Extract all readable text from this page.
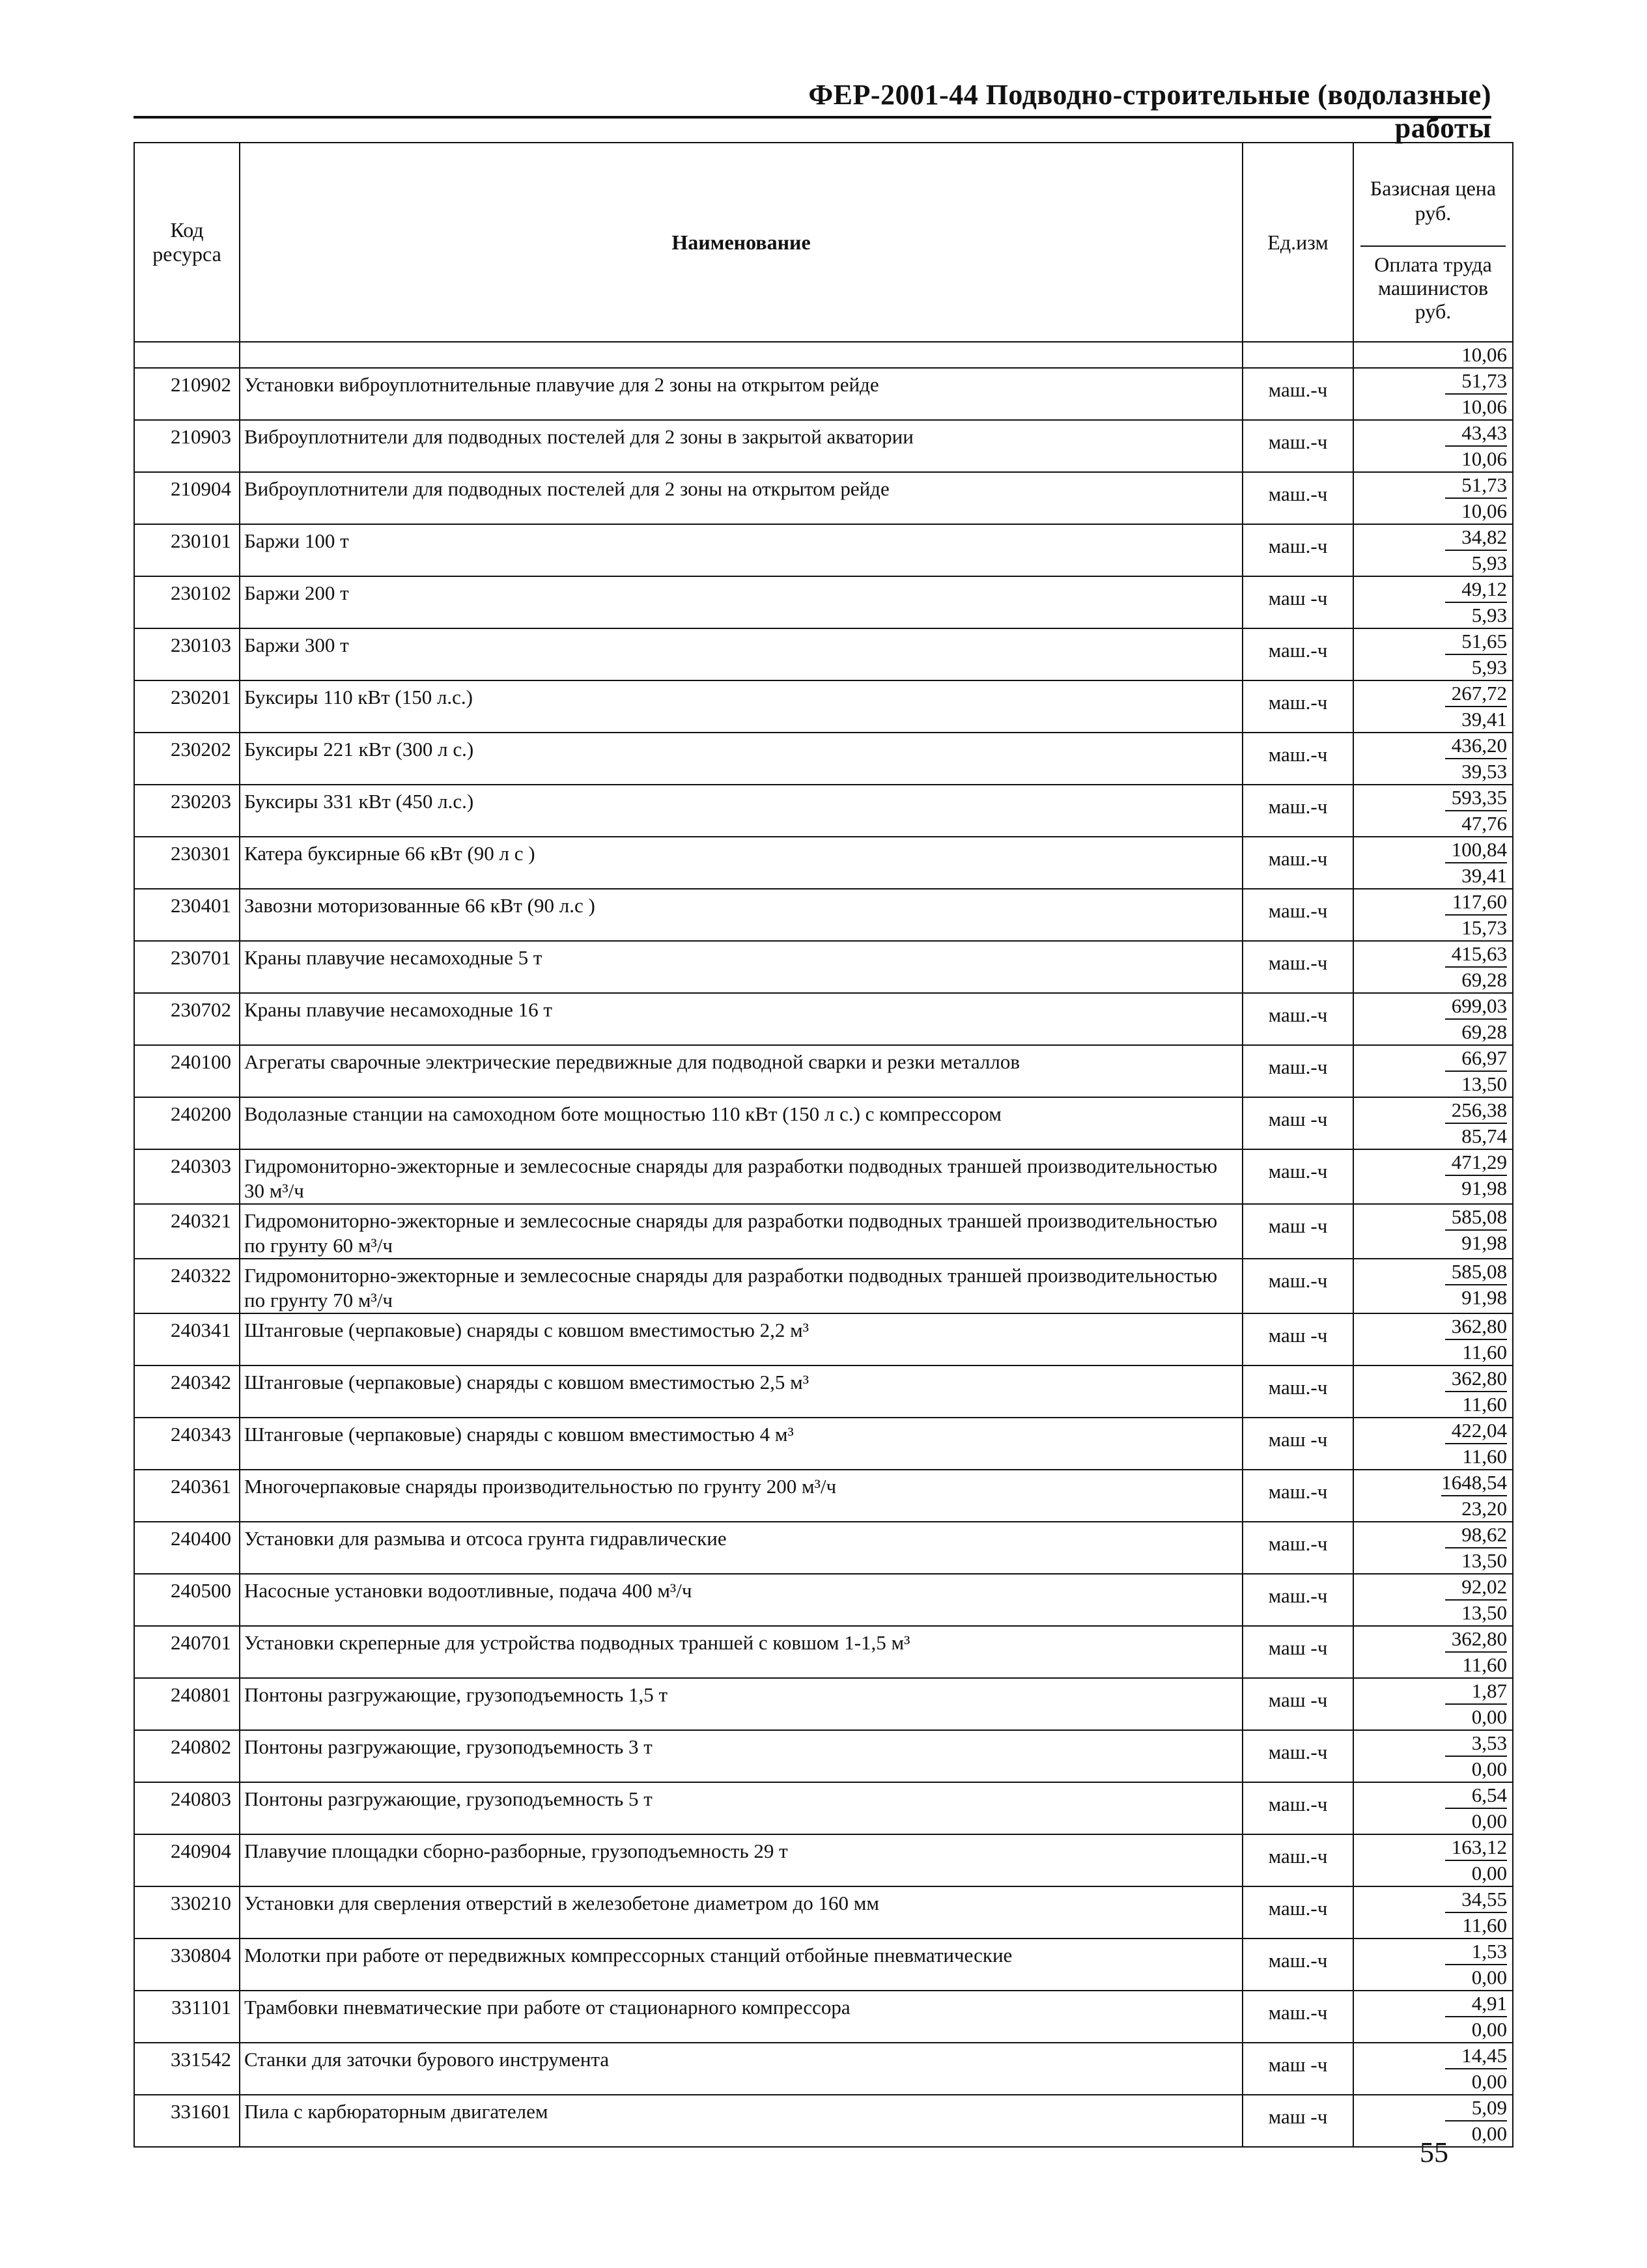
ФЕР-2001-44 Подводно-строительные (водолазные) работы
Код ресурса	Наименование	Ед.изм	Базисная цена руб.
Оплата труда машинистов руб.

			10,06

210902	Установки виброуплотнительные плавучие для 2 зоны на открытом рейде	маш.-ч	51,73
10,06

210903	Виброуплотнители для подводных постелей для 2 зоны в закрытой акватории	маш.-ч	43,43
10,06

210904	Виброуплотнители для подводных постелей для 2 зоны на открытом рейде	маш.-ч	51,73
10,06

230101	Баржи 100 т	маш.-ч	34,82
5,93

230102	Баржи 200 т	маш -ч	49,12
5,93

230103	Баржи 300 т	маш.-ч	51,65
5,93

230201	Буксиры 110 кВт (150 л.с.)	маш.-ч	267,72
39,41

230202	Буксиры 221 кВт (300 л с.)	маш.-ч	436,20
39,53

230203	Буксиры 331 кВт (450 л.с.)	маш.-ч	593,35
47,76

230301	Катера буксирные 66 кВт (90 л с )	маш.-ч	100,84
39,41

230401	Завозни моторизованные 66 кВт (90 л.с )	маш.-ч	117,60
15,73

230701	Краны плавучие несамоходные 5 т	маш.-ч	415,63
69,28

230702	Краны плавучие несамоходные 16 т	маш.-ч	699,03
69,28

240100	Агрегаты сварочные электрические передвижные для подводной сварки и резки металлов	маш.-ч	66,97
13,50

240200	Водолазные станции на самоходном боте мощностью 110 кВт (150 л с.) с компрессором	маш -ч	256,38
85,74

240303	Гидромониторно-эжекторные и землесосные снаряды для разработки подводных траншей производительностью 30 м³/ч	маш.-ч	471,29
91,98

240321	Гидромониторно-эжекторные и землесосные снаряды для разработки подводных траншей производительностью по грунту 60 м³/ч	маш -ч	585,08
91,98

240322	Гидромониторно-эжекторные и землесосные снаряды для разработки подводных траншей производительностью по грунту 70 м³/ч	маш.-ч	585,08
91,98

240341	Штанговые (черпаковые) снаряды с ковшом вместимостью 2,2 м³	маш -ч	362,80
11,60

240342	Штанговые (черпаковые) снаряды с ковшом вместимостью 2,5 м³	маш.-ч	362,80
11,60

240343	Штанговые (черпаковые) снаряды с ковшом вместимостью 4 м³	маш -ч	422,04
11,60

240361	Многочерпаковые снаряды производительностью по грунту 200 м³/ч	маш.-ч	1648,54
23,20

240400	Установки для размыва и отсоса грунта гидравлические	маш.-ч	98,62
13,50

240500	Насосные установки водоотливные, подача 400 м³/ч	маш.-ч	92,02
13,50

240701	Установки скреперные для устройства подводных траншей с ковшом 1-1,5 м³	маш -ч	362,80
11,60

240801	Понтоны разгружающие, грузоподъемность 1,5 т	маш -ч	1,87
0,00

240802	Понтоны разгружающие, грузоподъемность 3 т	маш.-ч	3,53
0,00

240803	Понтоны разгружающие, грузоподъемность 5 т	маш.-ч	6,54
0,00

240904	Плавучие площадки сборно-разборные, грузоподъемность 29 т	маш.-ч	163,12
0,00

330210	Установки для сверления отверстий в железобетоне диаметром до 160 мм	маш.-ч	34,55
11,60

330804	Молотки при работе от передвижных компрессорных станций отбойные пневматические	маш.-ч	1,53
0,00

331101	Трамбовки пневматические при работе от стационарного компрессора	маш.-ч	4,91
0,00

331542	Станки для заточки бурового инструмента	маш -ч	14,45
0,00

331601	Пила с карбюраторным двигателем	маш -ч	5,09
0,00
55
